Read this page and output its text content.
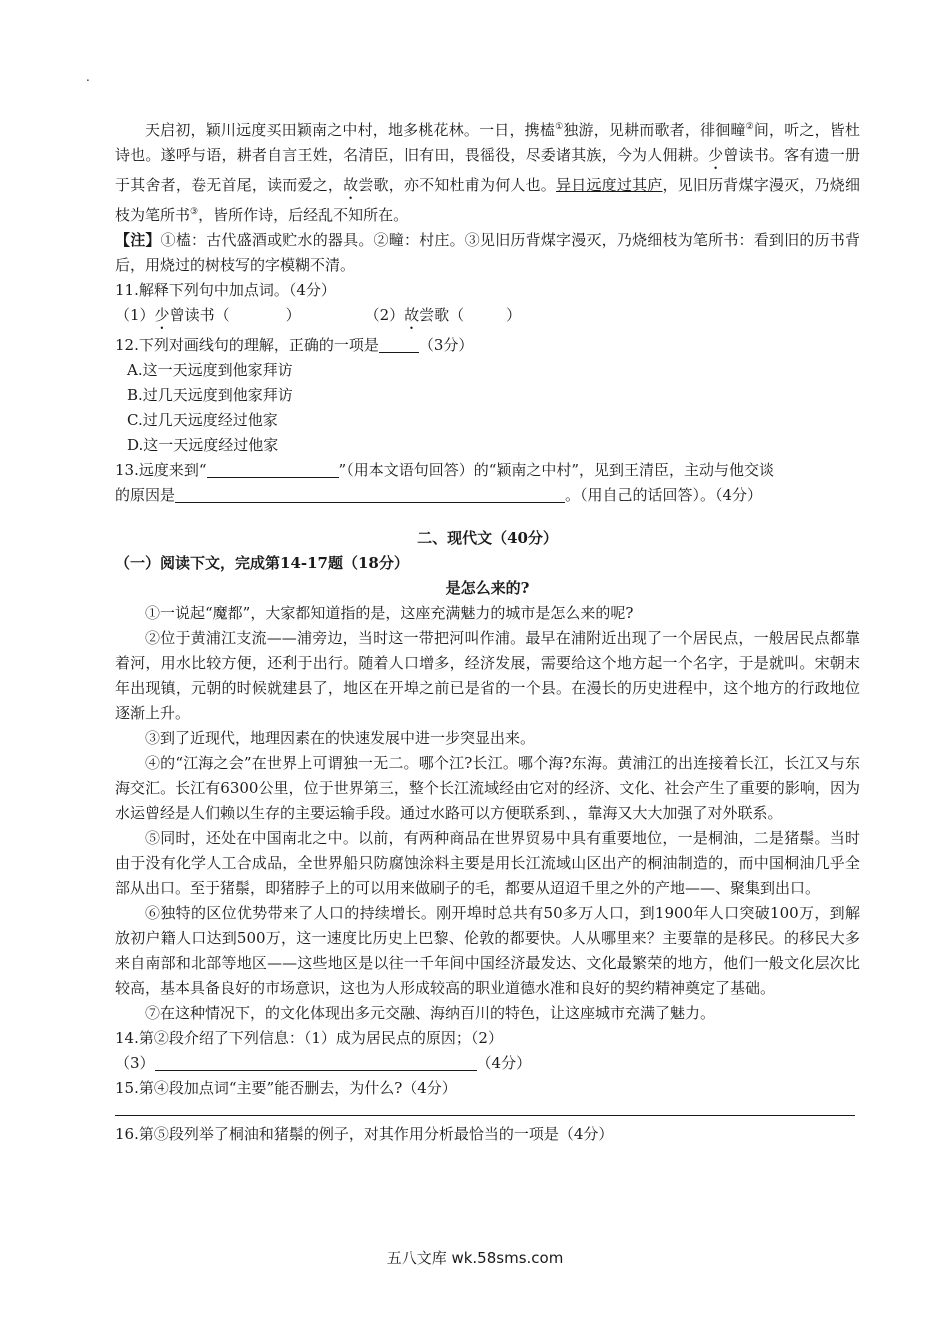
.

天启初，颖川远度买田颖南之中村，地多桃花林。一日，携榼①独游，见耕而歌者，徘徊疃②间，听之，皆杜诗也。遂呼与语，耕者自言王姓，名清臣，旧有田，畏徭役，尽委诸其族，今为人佣耕。少曾读书。客有遗一册于其舍者，卷无首尾，读而爱之，故尝歌，亦不知杜甫为何人也。异日远度过其庐，见旧历背煤字漫灭，乃烧细枝为笔所书③，皆所作诗，后经乱不知所在。

【注】①榼：古代盛酒或贮水的器具。②疃：村庄。③见旧历背煤字漫灭，乃烧细枝为笔所书：看到旧的历书背后，用烧过的树枝写的字模糊不清。

11.解释下列句中加点词。（4分）

（1）少曾读书（	）	（2）故尝歌（	）

12.下列对画线句的理解，正确的一项是	（3分）

A.这一天远度到他家拜访

B.过几天远度到他家拜访

C.过几天远度经过他家

D.这一天远度经过他家

13.远度来到“	”（用本文语句回答）的“颖南之中村”，见到王清臣，主动与他交谈

的原因是	。（用自己的话回答）。（4分）

二、现代文（40分）

（一）阅读下文，完成第14-17题（18分）

是怎么来的?

①一说起“魔都”，大家都知道指的是，这座充满魅力的城市是怎么来的呢?

②位于黄浦江支流——浦旁边，当时这一带把河叫作浦。最早在浦附近出现了一个居民点，一般居民点都靠着河，用水比较方便，还利于出行。随着人口增多，经济发展，需要给这个地方起一个名字，于是就叫。宋朝末年出现镇，元朝的时候就建县了，地区在开埠之前已是省的一个县。在漫长的历史进程中，这个地方的行政地位逐渐上升。

③到了近现代，地理因素在的快速发展中进一步突显出来。

④的“江海之会”在世界上可谓独一无二。哪个江?长江。哪个海?东海。黄浦江的出连接着长江，长江又与东海交汇。长江有6300公里，位于世界第三，整个长江流域经由它对的经济、文化、社会产生了重要的影响，因为水运曾经是人们赖以生存的主要运输手段。通过水路可以方便联系到、，靠海又大大加强了对外联系。

⑤同时，还处在中国南北之中。以前，有两种商品在世界贸易中具有重要地位，一是桐油，二是猪鬃。当时由于没有化学人工合成品，全世界船只防腐蚀涂料主要是用长江流域山区出产的桐油制造的，而中国桐油几乎全部从出口。至于猪鬃，即猪脖子上的可以用来做刷子的毛，都要从迢迢千里之外的产地——、聚集到出口。

⑥独特的区位优势带来了人口的持续增长。刚开埠时总共有50多万人口，到1900年人口突破100万，到解放初户籍人口达到500万，这一速度比历史上巴黎、伦敦的都要快。人从哪里来？主要靠的是移民。的移民大多来自南部和北部等地区——这些地区是以往一千年间中国经济最发达、文化最繁荣的地方，他们一般文化层次比较高，基本具备良好的市场意识，这也为人形成较高的职业道德水准和良好的契约精神奠定了基础。

⑦在这种情况下，的文化体现出多元交融、海纳百川的特色，让这座城市充满了魅力。

14.第②段介绍了下列信息：（1）成为居民点的原因；（2）

（3）	（4分）

15.第④段加点词“主要”能否删去，为什么?（4分）

16.第⑤段列举了桐油和猪鬃的例子，对其作用分析最恰当的一项是（4分）

五八文库 wk.58sms.com
